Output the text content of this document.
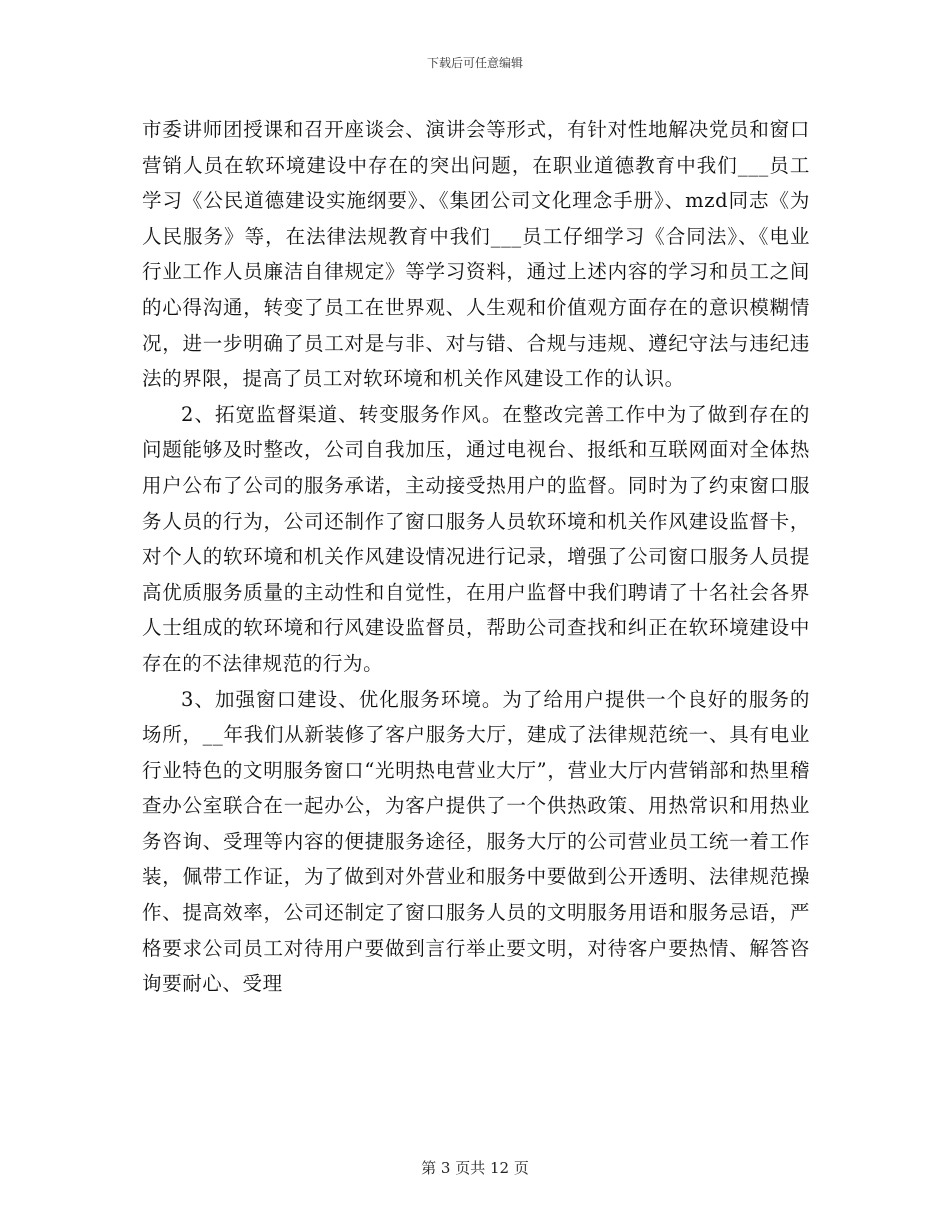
下载后可任意编辑

市委讲师团授课和召开座谈会、演讲会等形式，有针对性地解决党员和窗口营销人员在软环境建设中存在的突出问题，在职业道德教育中我们___员工学习《公民道德建设实施纲要》、《集团公司文化理念手册》、mzd同志《为人民服务》等，在法律法规教育中我们___员工仔细学习《合同法》、《电业行业工作人员廉洁自律规定》等学习资料，通过上述内容的学习和员工之间的心得沟通，转变了员工在世界观、人生观和价值观方面存在的意识模糊情况，进一步明确了员工对是与非、对与错、合规与违规、遵纪守法与违纪违法的界限，提高了员工对软环境和机关作风建设工作的认识。

2、拓宽监督渠道、转变服务作风。在整改完善工作中为了做到存在的问题能够及时整改，公司自我加压，通过电视台、报纸和互联网面对全体热用户公布了公司的服务承诺，主动接受热用户的监督。同时为了约束窗口服务人员的行为，公司还制作了窗口服务人员软环境和机关作风建设监督卡，对个人的软环境和机关作风建设情况进行记录，增强了公司窗口服务人员提高优质服务质量的主动性和自觉性，在用户监督中我们聘请了十名社会各界人士组成的软环境和行风建设监督员，帮助公司查找和纠正在软环境建设中存在的不法律规范的行为。

3、加强窗口建设、优化服务环境。为了给用户提供一个良好的服务的场所，__年我们从新装修了客户服务大厅，建成了法律规范统一、具有电业行业特色的文明服务窗口“光明热电营业大厅”，营业大厅内营销部和热里稽查办公室联合在一起办公，为客户提供了一个供热政策、用热常识和用热业务咨询、受理等内容的便捷服务途径，服务大厅的公司营业员工统一着工作装，佩带工作证，为了做到对外营业和服务中要做到公开透明、法律规范操作、提高效率，公司还制定了窗口服务人员的文明服务用语和服务忌语，严格要求公司员工对待用户要做到言行举止要文明，对待客户要热情、解答咨询要耐心、受理

第 3 页共 12 页
